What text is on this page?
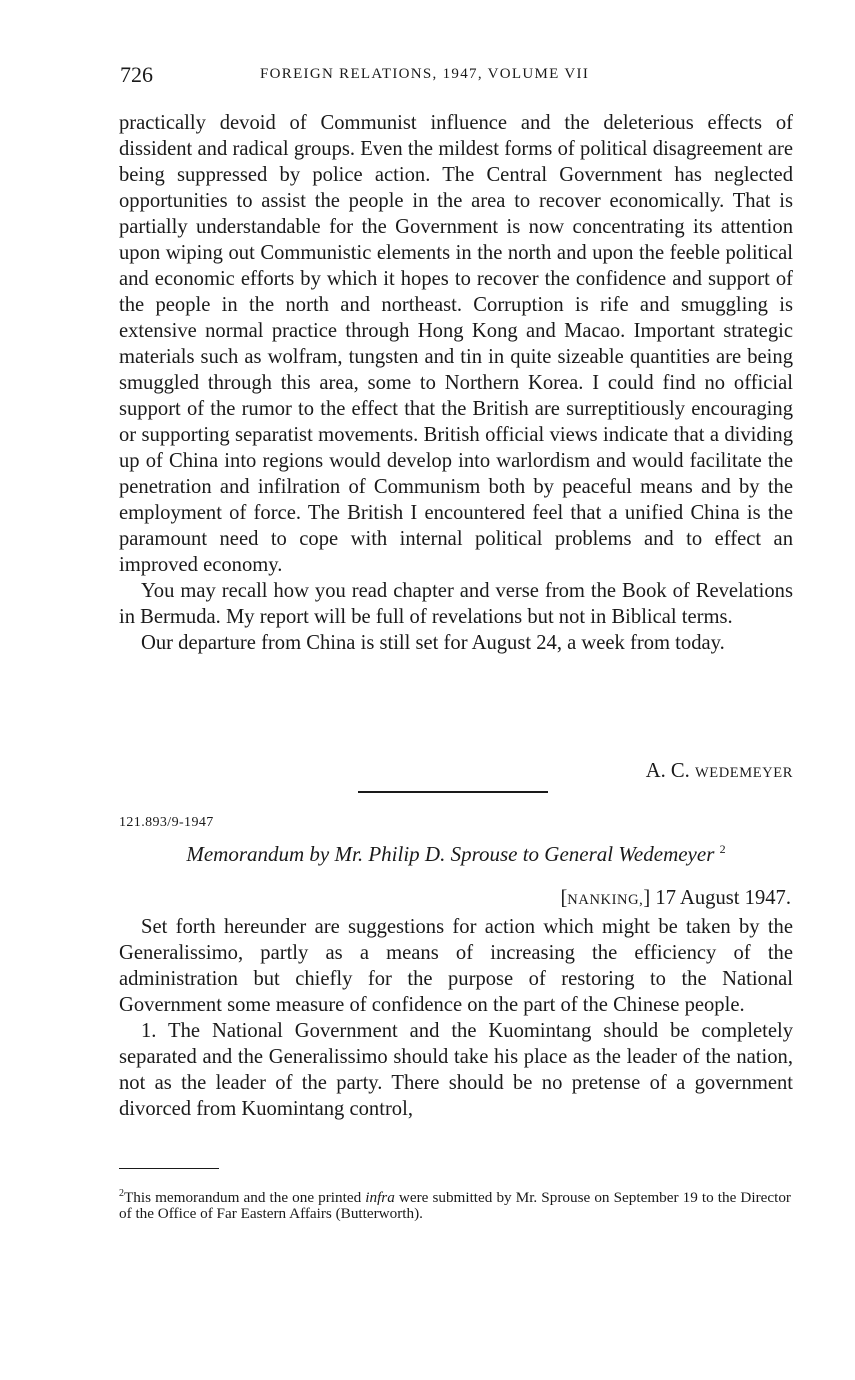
726	FOREIGN RELATIONS, 1947, VOLUME VII

practically devoid of Communist influence and the deleterious effects of dissident and radical groups. Even the mildest forms of political disagreement are being suppressed by police action. The Central Government has neglected opportunities to assist the people in the area to recover economically. That is partially understandable for the Government is now concentrating its attention upon wiping out Communistic elements in the north and upon the feeble political and economic efforts by which it hopes to recover the confidence and support of the people in the north and northeast. Corruption is rife and smuggling is extensive normal practice through Hong Kong and Macao. Important strategic materials such as wolfram, tungsten and tin in quite sizeable quantities are being smuggled through this area, some to Northern Korea. I could find no official support of the rumor to the effect that the British are surreptitiously encouraging or supporting separatist movements. British official views indicate that a dividing up of China into regions would develop into warlordism and would facilitate the penetration and infilration of Communism both by peaceful means and by the employment of force. The British I encountered feel that a unified China is the paramount need to cope with internal political problems and to effect an improved economy.

You may recall how you read chapter and verse from the Book of Revelations in Bermuda. My report will be full of revelations but not in Biblical terms.

Our departure from China is still set for August 24, a week from today.

A. C. WEDEMEYER
121.893/9-1947
Memorandum by Mr. Philip D. Sprouse to General Wedemeyer $^2$
[NANKING,] 17 August 1947.

Set forth hereunder are suggestions for action which might be taken by the Generalissimo, partly as a means of increasing the efficiency of the administration but chiefly for the purpose of restoring to the National Government some measure of confidence on the part of the Chinese people.

1. The National Government and the Kuomintang should be completely separated and the Generalissimo should take his place as the leader of the nation, not as the leader of the party. There should be no pretense of a government divorced from Kuomintang control,

$^2$This memorandum and the one printed infra were submitted by Mr. Sprouse on September 19 to the Director of the Office of Far Eastern Affairs (Butterworth).
